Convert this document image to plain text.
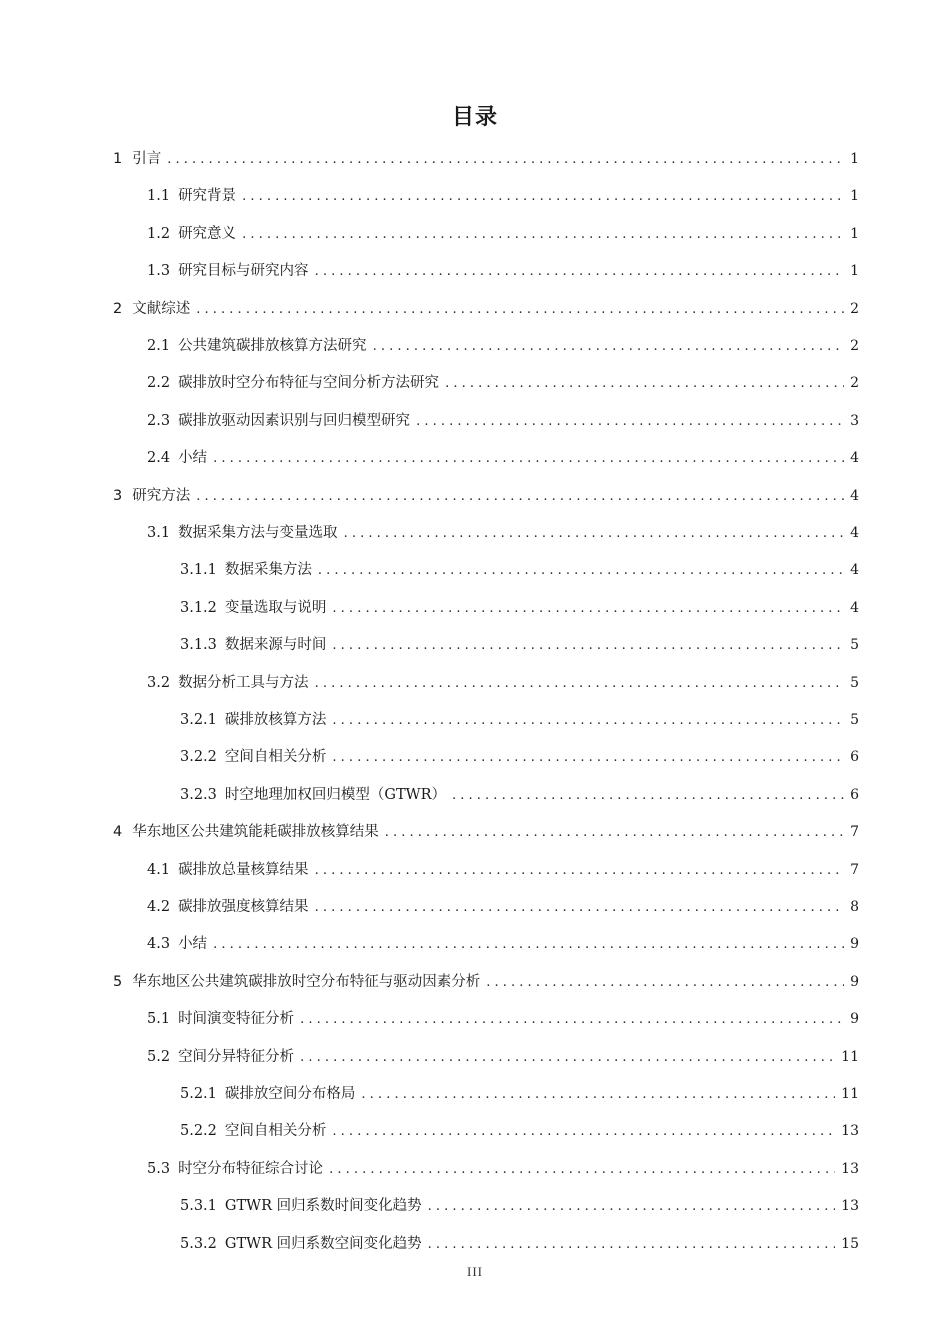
目录
1 引言 . . .	1
1.1 研究背景 . . .	1
1.2 研究意义 . . .	1
1.3 研究目标与研究内容 . . .	1
2 文献综述 . . .	2
2.1 公共建筑碳排放核算方法研究 . . .	2
2.2 碳排放时空分布特征与空间分析方法研究 . . .	2
2.3 碳排放驱动因素识别与回归模型研究 . . .	3
2.4 小结 . . .	4
3 研究方法 . . .	4
3.1 数据采集方法与变量选取 . . .	4
3.1.1 数据采集方法 . . .	4
3.1.2 变量选取与说明 . . .	4
3.1.3 数据来源与时间 . . .	5
3.2 数据分析工具与方法 . . .	5
3.2.1 碳排放核算方法 . . .	5
3.2.2 空间自相关分析 . . .	6
3.2.3 时空地理加权回归模型（GTWR） . . .	6
4 华东地区公共建筑能耗碳排放核算结果 . . .	7
4.1 碳排放总量核算结果 . . .	7
4.2 碳排放强度核算结果 . . .	8
4.3 小结 . . .	9
5 华东地区公共建筑碳排放时空分布特征与驱动因素分析 . . .	9
5.1 时间演变特征分析 . . .	9
5.2 空间分异特征分析 . . .	11
5.2.1 碳排放空间分布格局 . . .	11
5.2.2 空间自相关分析 . . .	13
5.3 时空分布特征综合讨论 . . .	13
5.3.1 GTWR 回归系数时间变化趋势 . . .	13
5.3.2 GTWR 回归系数空间变化趋势 . . .	15
III
